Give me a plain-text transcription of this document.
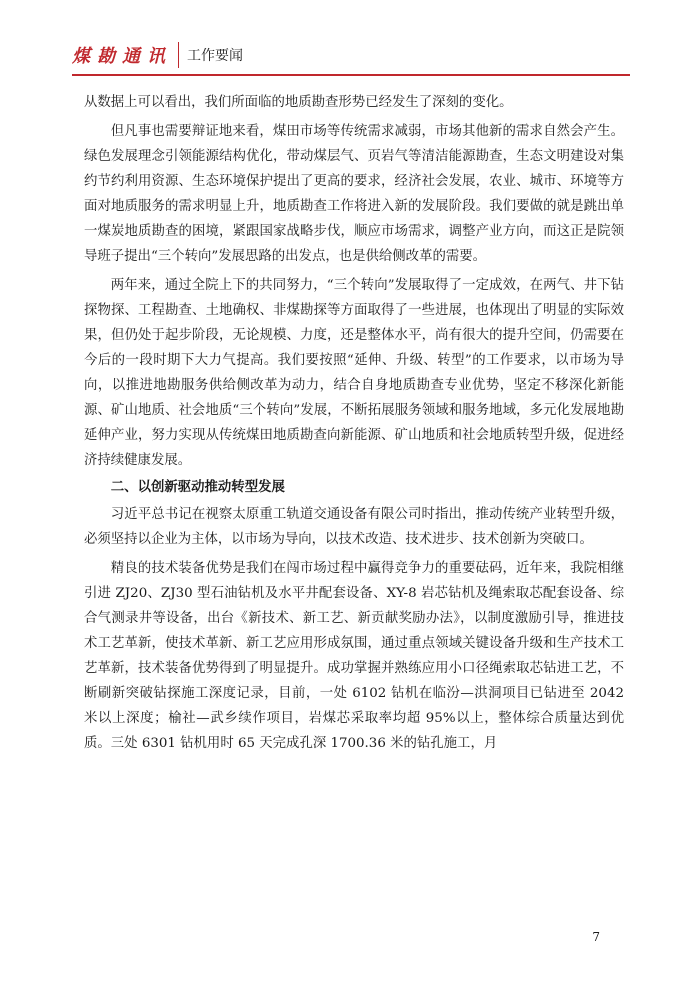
煤勘通讯 工作要闻

从数据上可以看出，我们所面临的地质勘查形势已经发生了深刻的变化。

但凡事也需要辩证地来看，煤田市场等传统需求减弱，市场其他新的需求自然会产生。绿色发展理念引领能源结构优化，带动煤层气、页岩气等清洁能源勘查，生态文明建设对集约节约利用资源、生态环境保护提出了更高的要求，经济社会发展，农业、城市、环境等方面对地质服务的需求明显上升，地质勘查工作将进入新的发展阶段。我们要做的就是跳出单一煤炭地质勘查的困境，紧跟国家战略步伐，顺应市场需求，调整产业方向，而这正是院领导班子提出“三个转向”发展思路的出发点，也是供给侧改革的需要。

两年来，通过全院上下的共同努力，“三个转向”发展取得了一定成效，在两气、井下钻探物探、工程勘查、土地确权、非煤勘探等方面取得了一些进展，也体现出了明显的实际效果，但仍处于起步阶段，无论规模、力度，还是整体水平，尚有很大的提升空间，仍需要在今后的一段时期下大力气提高。我们要按照“延伸、升级、转型”的工作要求，以市场为导向，以推进地勘服务供给侧改革为动力，结合自身地质勘查专业优势，坚定不移深化新能源、矿山地质、社会地质“三个转向”发展，不断拓展服务领域和服务地域，多元化发展地勘延伸产业，努力实现从传统煤田地质勘查向新能源、矿山地质和社会地质转型升级，促进经济持续健康发展。

二、以创新驱动推动转型发展

习近平总书记在视察太原重工轨道交通设备有限公司时指出，推动传统产业转型升级，必须坚持以企业为主体，以市场为导向，以技术改造、技术进步、技术创新为突破口。

精良的技术装备优势是我们在闯市场过程中赢得竞争力的重要砝码，近年来，我院相继引进 ZJ20、ZJ30 型石油钻机及水平井配套设备、XY-8 岩芯钻机及绳索取芯配套设备、综合气测录井等设备，出台《新技术、新工艺、新贡献奖励办法》，以制度激励引导，推进技术工艺革新，使技术革新、新工艺应用形成氛围，通过重点领域关键设备升级和生产技术工艺革新，技术装备优势得到了明显提升。成功掌握并熟练应用小口径绳索取芯钻进工艺，不断刷新突破钻探施工深度记录，目前，一处 6102 钻机在临汾—洪洞项目已钻进至 2042 米以上深度；榆社—武乡续作项目，岩煤芯采取率均超 95%以上，整体综合质量达到优质。三处 6301 钻机用时 65 天完成孔深 1700.36 米的钻孔施工，月

7
